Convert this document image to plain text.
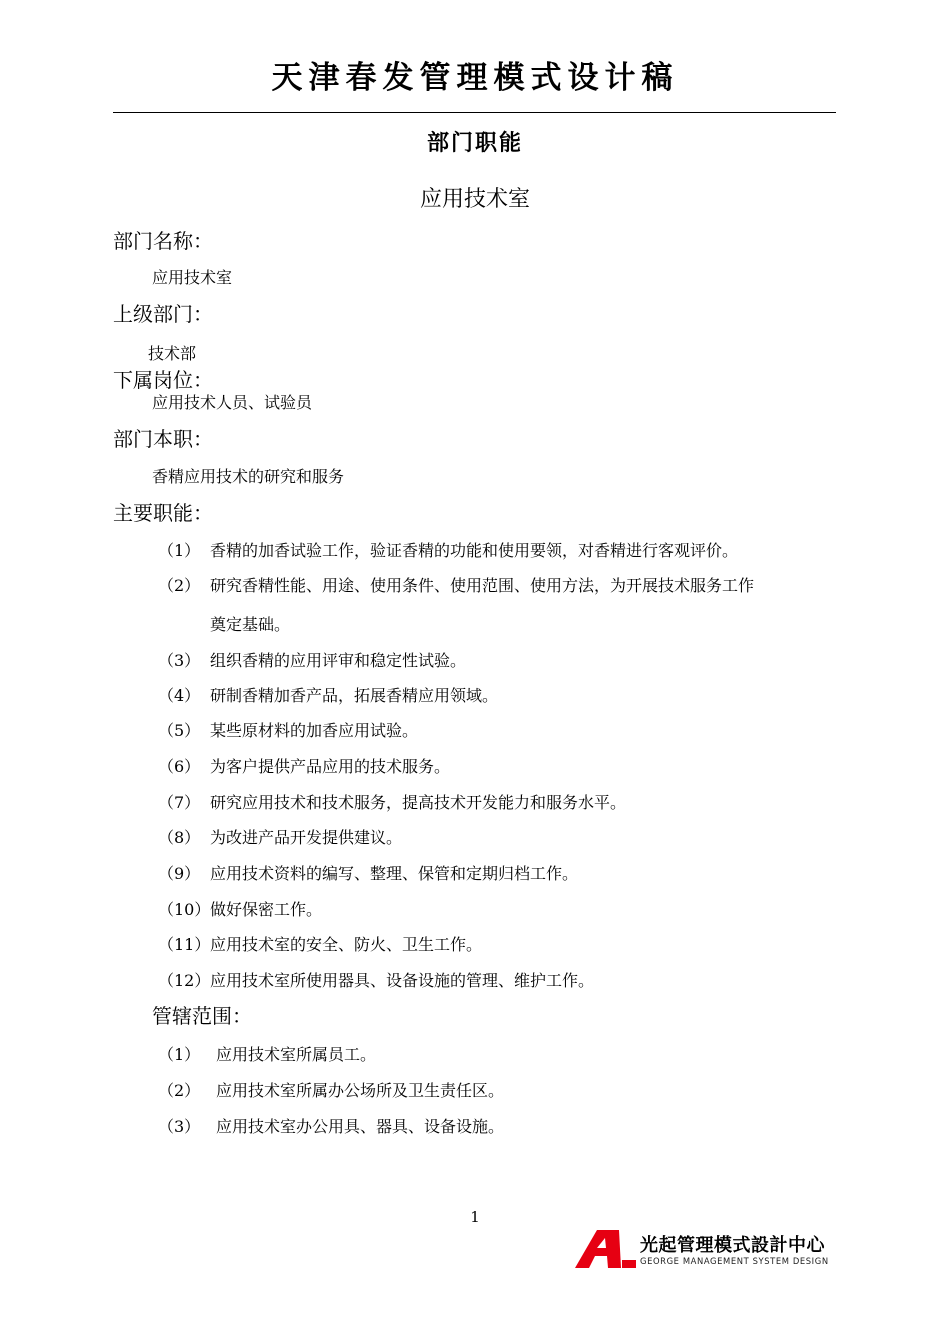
天津春发管理模式设计稿
部门职能
应用技术室
部门名称：
应用技术室
上级部门：
技术部
下属岗位：
应用技术人员、试验员
部门本职：
香精应用技术的研究和服务
主要职能：
（1） 香精的加香试验工作，验证香精的功能和使用要领，对香精进行客观评价。
（2） 研究香精性能、用途、使用条件、使用范围、使用方法，为开展技术服务工作
奠定基础。
（3） 组织香精的应用评审和稳定性试验。
（4） 研制香精加香产品，拓展香精应用领域。
（5） 某些原材料的加香应用试验。
（6） 为客户提供产品应用的技术服务。
（7） 研究应用技术和技术服务，提高技术开发能力和服务水平。
（8） 为改进产品开发提供建议。
（9） 应用技术资料的编写、整理、保管和定期归档工作。
（10）做好保密工作。
（11）应用技术室的安全、防火、卫生工作。
（12）应用技术室所使用器具、设备设施的管理、维护工作。
管辖范围：
（1） 应用技术室所属员工。
（2） 应用技术室所属办公场所及卫生责任区。
（3） 应用技术室办公用具、器具、设备设施。
1
光起管理模式設計中心
GEORGE MANAGEMENT SYSTEM DESIGN
